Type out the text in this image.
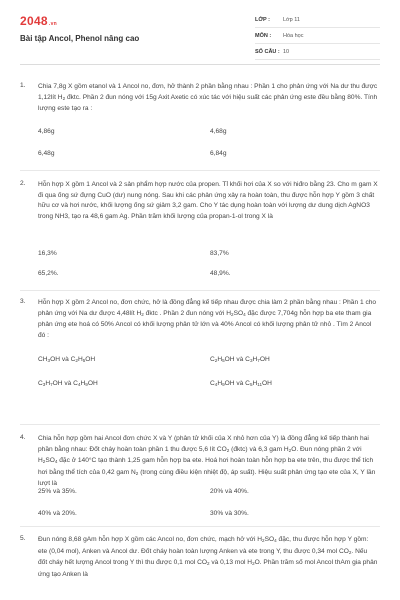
2048.vn
Bài tập Ancol, Phenol nâng cao
LỚP :	Lớp 11
MÔN :	Hóa học
SỐ CÂU : 10
1. Chia 7,8g X gồm etanol và 1 Ancol no, đơn, hở thành 2 phần bằng nhau : Phần 1 cho phản ứng với Na dư thu được 1,12lít $H_2$ đktc. Phần 2 đun nóng với 15g Axit Axetic có xúc tác với hiệu suất các phản ứng este đều bằng 80%. Tính lượng este tạo ra :
4,86g	4,68g
6,48g	6,84g
2. Hỗn hợp X gồm 1 Ancol và 2 sản phẩm hợp nước của propen. Tỉ khối hơi của X so với hiđro bằng 23. Cho m gam X đi qua ống sứ đựng CuO (dư) nung nóng. Sau khi các phản ứng xảy ra hoàn toàn, thu được hỗn hợp Y gồm 3 chất hữu cơ và hơi nước, khối lượng ống sứ giảm 3,2 gam. Cho Y tác dụng hoàn toàn với lượng dư dung dịch AgNO3 trong NH3, tạo ra 48,6 gam Ag. Phần trăm khối lượng của propan-1-ol trong X là
16,3%	83,7%
65,2%.	48,9%.
3. Hỗn hợp X gồm 2 Ancol no, đơn chức, hở là đồng đẳng kế tiếp nhau được chia làm 2 phần bằng nhau : Phần 1 cho phản ứng với Na dư được 4,48lít $H_2$ đktc . Phần 2 đun nóng với $H_2SO_4$ đặc được 7,704g hỗn hợp ba ete tham gia phản ứng ete hoá có 50% Ancol có khối lượng phân tử lớn và 40% Ancol có khối lượng phân tử nhỏ . Tìm 2 Ancol đó :
$CH_3OH$ và $C_2H_5OH$	$C_2H_5OH$ và $C_3H_7OH$
$C_3H_7OH$ và $C_4H_9OH$	$C_4H_9OH$ và $C_5H_{11}OH$
4. Chia hỗn hợp gồm hai Ancol đơn chức X và Y (phân tử khối của X nhỏ hơn của Y) là đồng đẳng kế tiếp thành hai phần bằng nhau: Đốt cháy hoàn toàn phần 1 thu được 5,6 lít $CO_2$ (đktc) và 6,3 gam $H_2O$. Đun nóng phần 2 với $H_2SO_4$ đặc ở 140°C tạo thành 1,25 gam hỗn hợp ba ete. Hoá hơi hoàn toàn hỗn hợp ba ete trên, thu được thể tích hơi bằng thể tích của 0,42 gam $N_2$ (trong cùng điều kiện nhiệt độ, áp suất). Hiệu suất phản ứng tạo ete của X, Y lần lượt là
25% và 35%.	20% và 40%.
40% và 20%.	30% và 30%.
5. Đun nóng 8,68 gAm hỗn hợp X gồm các Ancol no, đơn chức, mạch hở với $H_2SO_4$ đặc, thu được hỗn hợp Y gồm: ete (0,04 mol), Anken và Ancol dư. Đốt cháy hoàn toàn lượng Anken và ete trong Y, thu được 0,34 mol $CO_2$. Nếu đốt cháy hết lượng Ancol trong Y thì thu được 0,1 mol $CO_2$ và 0,13 mol $H_2O$. Phần trăm số mol Ancol thAm gia phản ứng tạo Anken là
